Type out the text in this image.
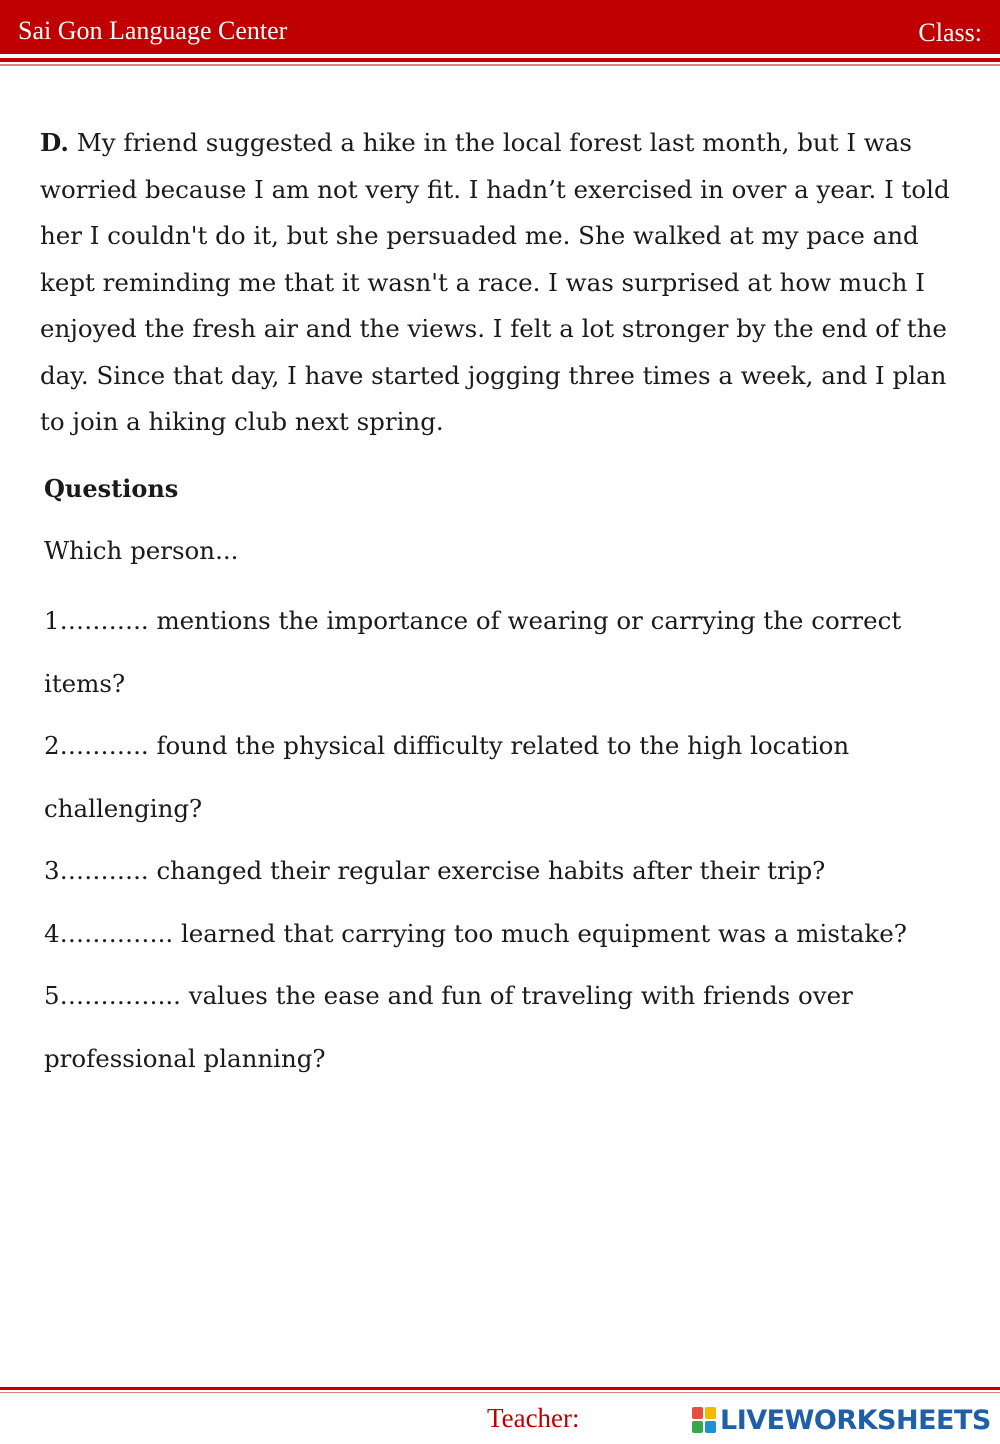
Sai Gon Language Center	Class:
D. My friend suggested a hike in the local forest last month, but I was worried because I am not very fit. I hadn’t exercised in over a year. I told her I couldn't do it, but she persuaded me. She walked at my pace and kept reminding me that it wasn't a race. I was surprised at how much I enjoyed the fresh air and the views. I felt a lot stronger by the end of the day. Since that day, I have started jogging three times a week, and I plan to join a hiking club next spring.
Questions
Which person...
1……….. mentions the importance of wearing or carrying the correct items?
2……….. found the physical difficulty related to the high location challenging?
3……….. changed their regular exercise habits after their trip?
4………….. learned that carrying too much equipment was a mistake?
5…………... values the ease and fun of traveling with friends over professional planning?
Teacher:	LIVEWORKSHEETS
